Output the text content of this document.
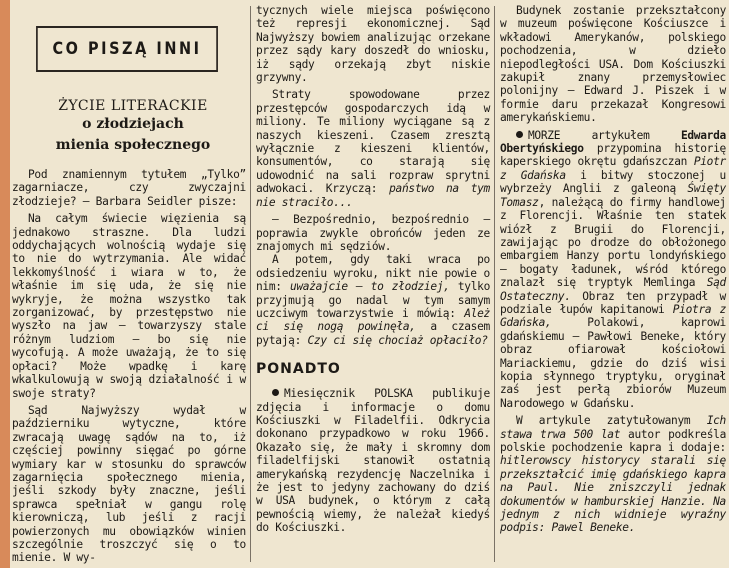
CO PISZĄ INNI
ŻYCIE LITERACKIE
o złodziejach
mienia społecznego

Pod znamiennym tytułem „Tylko” zagarniacze, czy zwyczajni złodzieje? — Barbara Seidler pisze:

Na całym świecie więzienia są jednakowo straszne. Dla ludzi oddychających wolnością wydaje się to nie do wytrzymania. Ale widać lekkomyślność i wiara w to, że właśnie im się uda, że się nie wykryje, że można wszystko tak zorganizować, by przestępstwo nie wyszło na jaw — towarzyszy stale różnym ludziom — bo się nie wycofują. A może uważają, że to się opłaci? Może wpadkę i karę wkalkulowują w swoją działalność i w swoje straty?

Sąd Najwyższy wydał w październiku wytyczne, które zwracają uwagę sądów na to, iż częściej powinny sięgać po górne wymiary kar w stosunku do sprawców zagarnięcia społecznego mienia, jeśli szkody były znaczne, jeśli sprawca spełniał w gangu rolę kierowniczą, lub jeśli z racji powierzonych mu obowiązków winien szczególnie troszczyć się o to mienie. W wy-

tycznych wiele miejsca poświęcono też represji ekonomicznej. Sąd Najwyższy bowiem analizując orzekane przez sądy kary doszedł do wniosku, iż sądy orzekają zbyt niskie grzywny.

Straty spowodowane przez przestępców gospodarczych idą w miliony. Te miliony wyciągane są z naszych kieszeni. Czasem zresztą wyłącznie z kieszeni klientów, konsumentów, co starają się udowodnić na sali rozpraw sprytni adwokaci. Krzyczą: państwo na tym nie straciło...

— Bezpośrednio, bezpośrednio — poprawia zwykle obrońców jeden ze znajomych mi sędziów.

A potem, gdy taki wraca po odsiedzeniu wyroku, nikt nie powie o nim: uważajcie — to złodziej, tylko przyjmują go nadal w tym samym uczciwym towarzystwie i mówią: Ależ ci się nogą powinęła, a czasem pytają: Czy ci się chociaż opłaciło?

PONADTO

Miesięcznik POLSKA publikuje zdjęcia i informacje o domu Kościuszki w Filadelfii. Odkrycia dokonano przypadkowo w roku 1966. Okazało się, że mały i skromny dom filadelfijski stanowił ostatnią amerykańską rezydencję Naczelnika i że jest to jedyny zachowany do dziś w USA budynek, o którym z całą pewnością wiemy, że należał kiedyś do Kościuszki.

Budynek zostanie przekształcony w muzeum poświęcone Kościuszce i wkładowi Amerykanów, polskiego pochodzenia, w dzieło niepodległości USA. Dom Kościuszki zakupił znany przemysłowiec polonijny — Edward J. Piszek i w formie daru przekazał Kongresowi amerykańskiemu.

MORZE artykułem Edwarda Obertyńskiego przypomina historię kaperskiego okrętu gdańszczan Piotr z Gdańska i bitwy stoczonej u wybrzeży Anglii z galeoną Święty Tomasz, należącą do firmy handlowej z Florencji. Właśnie ten statek wiózł z Brugii do Florencji, zawijając po drodze do obłożonego embargiem Hanzy portu londyńskiego — bogaty ładunek, wśród którego znalazł się tryptyk Memlinga Sąd Ostateczny. Obraz ten przypadł w podziale łupów kapitanowi Piotra z Gdańska, Polakowi, kaprowi gdańskiemu — Pawłowi Beneke, który obraz ofiarował kościołowi Mariackiemu, gdzie do dziś wisi kopia słynnego tryptyku, oryginał zaś jest perłą zbiorów Muzeum Narodowego w Gdańsku.

W artykule zatytułowanym Ich stawa trwa 500 lat autor podkreśla polskie pochodzenie kapra i dodaje: hitlerowscy historycy starali się przekształcić imię gdańskiego kapra na Paul. Nie zniszczyli jednak dokumentów w hamburskiej Hanzie. Na jednym z nich widnieje wyraźny podpis: Pawel Beneke.
